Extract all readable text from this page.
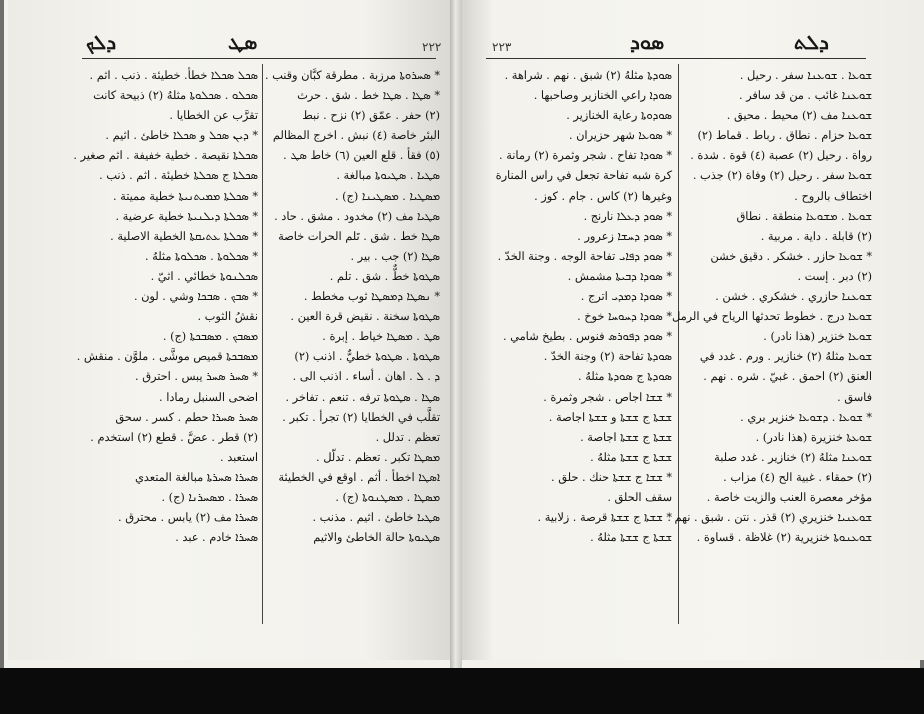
ܕܠܟ	ܣܛ	٢٢٢
ܣܟܠ ܣܟܠܐ خطأ. خطيئة . ذنب . اثم .
ܣܟܠܘ . ܣܟܠܘܬܐ مثلهُ (٢) ذبيحة كانت
تقرَّب عن الخطايا .
* ܕܝܢ ܣܟܠ و ܣܟܠܐ خاطئ . اثيم .
ܣܟܠܬܐ نقيصة . خطية خفيفة . اثم صغير .
ܣܟܠܬܐ ج ܣܟܠܬܐ خطيئة . اثم . ذنب .
* ܣܟܠܬܐ ܡܡܝܬܢܝܬܐ خطية مميتة .
* ܣܟܠܬܐ ܕܝܠܢܝܬܐ خطية عرضية .
* ܣܟܠܬܐ ܥܬܝܩܬܐ الخطية الاصلية .
* ܣܟܠܘܬܐ . ܣܟܠܘܬܐ مثلهُ .
ܣܟܠܢܘܬܐ خطائي . اثيّ .
* ܣܒܟ . ܣܒܟܐ وشي . لون .
نقشُ الثوب .
ܡܣܒܟ . ܡܣܒܟܬܐ (ج) .
ܡܣܒܟܬܐ قميص موشَّى . ملوَّن . منقش .
* ܣܚܪ ܣܚܪ يبس . احترق .
اضحى السنبل رمادا .
ܣܚܪ ܣܚܪܐ حطم . كسر . سحق
(٢) قطر . عضَّ . قطع (٢) استخدم .
استعبد .
ܣܚܪܐ ܣܚܪܬܐ مبالغة المتعدي
ܣܚܪܐ . ܡܣܚܪܢܐ (ج) .
ܣܚܪܐ مف (٢) يابس . محترق .
ܣܚܪܐ خادم . عبد .
* ܣܚܪܘܬܐ مرزبة . مطرقة كبَّان وقنب .
* ܣܛܐ . ܣܛܐ خط . شق . حرث
(٢) حفر . عمّق (٢) نزح . نبط
البئر خاصة (٤) نبش . اخرج المظالم
(٥) فقأ . قلع العين (٦) خاط ܣܛ .
ܣܛܝܐ . ܣܛܝܘܬܐ مبالغة .
ܡܣܛܝܐ . ܡܣܛܝܢܐ (ج) .
ܣܛܝܐ مف (٢) مخدود . مشق . حاد .
ܣܛܐ خط . شق . تَلم الحرات خاصة
ܣܛܐ (٢) جب . بير .
ܣܛܘܬܐ خطٌّ . شق . تلم .
* ܢܣܛܐ ܕܡܣܛܐ ثوب مخطط .
ܣܛܘܬܐ سخنة . نقيض قرة العين .
ܣܛ . ܡܣܛܐ خياط . إبرة .
ܣܛܘܬܐ . ܣܛܘܬܐ خطيٌّ . اذنب (٢)
ܕ . ܠ . اهان . أساء . اذنب الى .
ܣܛܐ . ܣܛܘܬܐ ترفه . تنعم . تفاخر .
تقلَّب في الخطايا (٢) تجرأ . تكبر .
تعظم . تدلل .
ܡܣܛܐ تكبر . تعظم . تدلّل .
ܐܣܛܐ اخطأ . أثم . اوقع في الخطيئة
ܡܣܛܐ . ܡܣܛܢܘܬܐ (ج) .
ܣܛܝܐ خاطئ . اثيم . مذنب .
ܣܛܝܘܬܐ حالة الخاطئ والاثيم
ܕܠܬ
ܣܘܕ
٢٢٣
ܣܘܕܬܐ مثلهُ (٢) شبق . نهم . شراهة .
ܣܘܕܐ راعي الخنازير وصاحبها .
ܣܘܕܘܬܐ رعاية الخنازير .
* ܣܘܥܐ شهر حزيران .
* ܣܘܕܐ تفاح . شجر وثمرة (٢) رمانة .
كرة شبه تفاحة تجعل في راس المنارة
وغيرها (٢) كاس . جام . كوز .
* ܣܘܕ ܕܥܠܐ نارنج .
* ܣܘܕ ܕܚܫܐ زعرور .
* ܣܘܕ ܕܦܐܝ تفاحة الوجه . وجنة الخدّ .
* ܣܘܕܐ ܕܒܝܬܐ مشمش .
* ܣܘܕܐ ܕܡܕܝ اترج .
* ܣܘܕܐ ܕܚܘܚܐ خوخ .
* ܣܘܕ ܕܦܘܪܣ فنوس . بطيخ شامي .
ܣܘܕܬܐ تفاحة (٢) وجنة الخدّ .
ܣܘܕܬܐ ج ܣܘܕܬܐ مثلهُ .
* ܫܫܐ اجاص . شجر وثمرة .
ܫܫܬܐ ج ܫܫܬܐ و ܫܫܬܐ اجاصة .
ܫܫܬܐ ج ܫܫܬܐ اجاصة .
ܫܫܬܐ ج ܫܫܬܐ مثلهُ .
* ܫܫܐ ج ܫܫܬܐ حنك . حلق .
سقف الحلق .
* ܫܫܬܐ ج ܫܫܬܐ قرصة . زلابية .
ܫܫܬܐ ج ܫܫܬܐ مثلهُ .
ܫܘܥܐ . ܫܘܥܢܐ سفر . رحيل .
ܫܘܥܢܐ غائب . من قد سافر .
ܫܘܥܢܐ مف (٢) محيط . محيق .
ܫܘܥܐ حزام . نطاق . رباط . قماط (٢)
رواة . رحيل (٢) عصبة (٤) قوة . شدة .
ܫܘܥܐ سفر . رحيل (٢) وفاة (٢) جذب .
اختطاف بالروح .
ܫܘܥܐ . ܡܫܘܥܐ منطقة . نطاق
(٢) قابلة . داية . مربية .
* ܫܘܥܐ حازر . خشكر . دقيق خشن
(٢) دبر . إست .
ܫܘܥܢܐ حازري . خشكري . خشن .
ܫܘܥܐ درج . خطوط تحدثها الرياح في الرمل
ܫܘܥܐ خنزير (هذا نادر) .
ܫܘܥܐ مثلهُ (٢) خنازير . ورم . غدد في
العنق (٢) احمق . غبيّ . شره . نهم .
فاسق .
* ܫܘܥܐ . ܕܫܘܥܐ خنزير بري .
ܫܘܥܬܐ خنزيرة (هذا نادر) .
ܫܘܥܢܐ مثلهُ (٢) خنازير . غدد صلبة
(٢) حمقاء . غبية الح (٤) مزاب .
مؤخر معصرة العنب والزيت خاصة .
ܫܘܥܢܝܐ خنزيري (٢) قذر . نتن . شبق . نهم .
ܫܘܥܢܘܬܐ خنزيرية (٢) غلاظة . قساوة .
